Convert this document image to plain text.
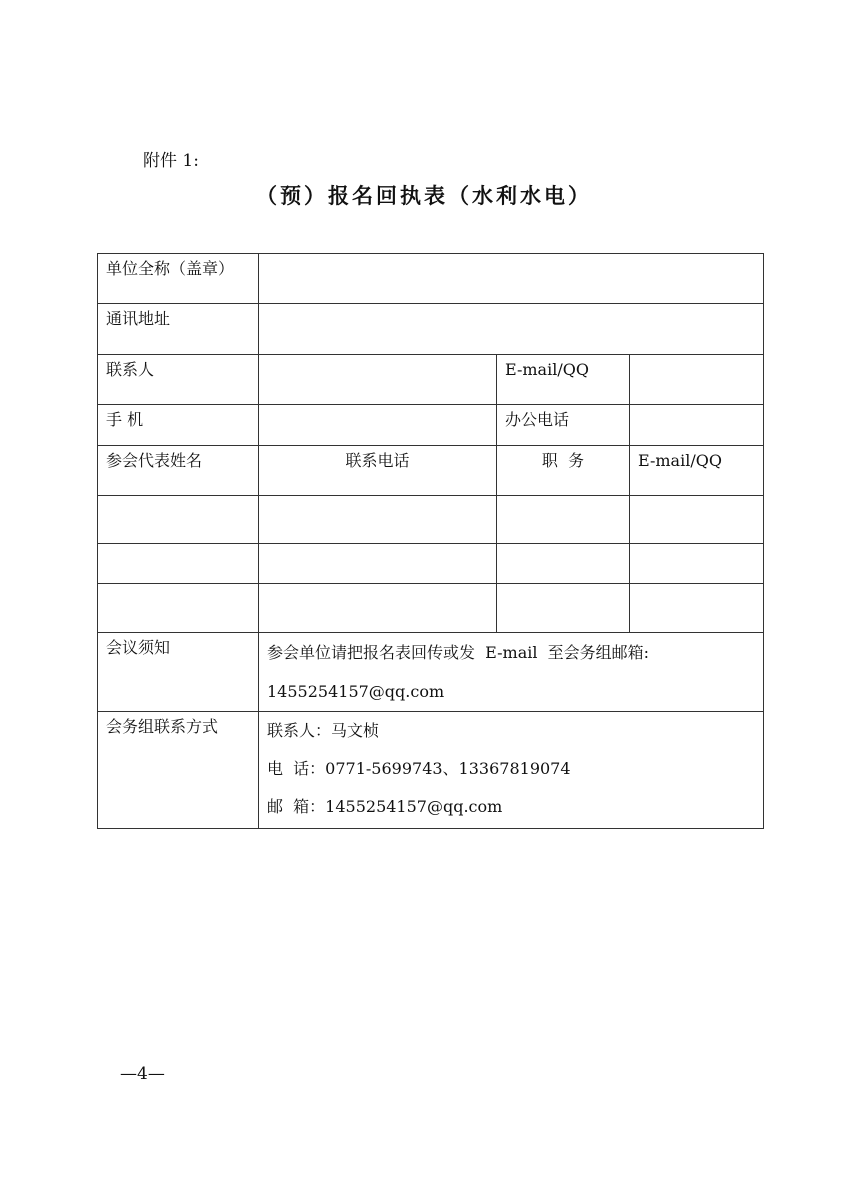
附件 1:
（预）报名回执表（水利水电）
单位全称（盖章）			
通讯地址			
联系人		E-mail/QQ	
手 机		办公电话	
参会代表姓名	联系电话	职  务	E-mail/QQ

会议须知	参会单位请把报名表回传或发  E-mail  至会务组邮箱:

1455254157@qq.com		

会务组联系方式	联系人：马文桢

电  话：0771-5699743、13367819074

邮  箱：1455254157@qq.com		

—4—
